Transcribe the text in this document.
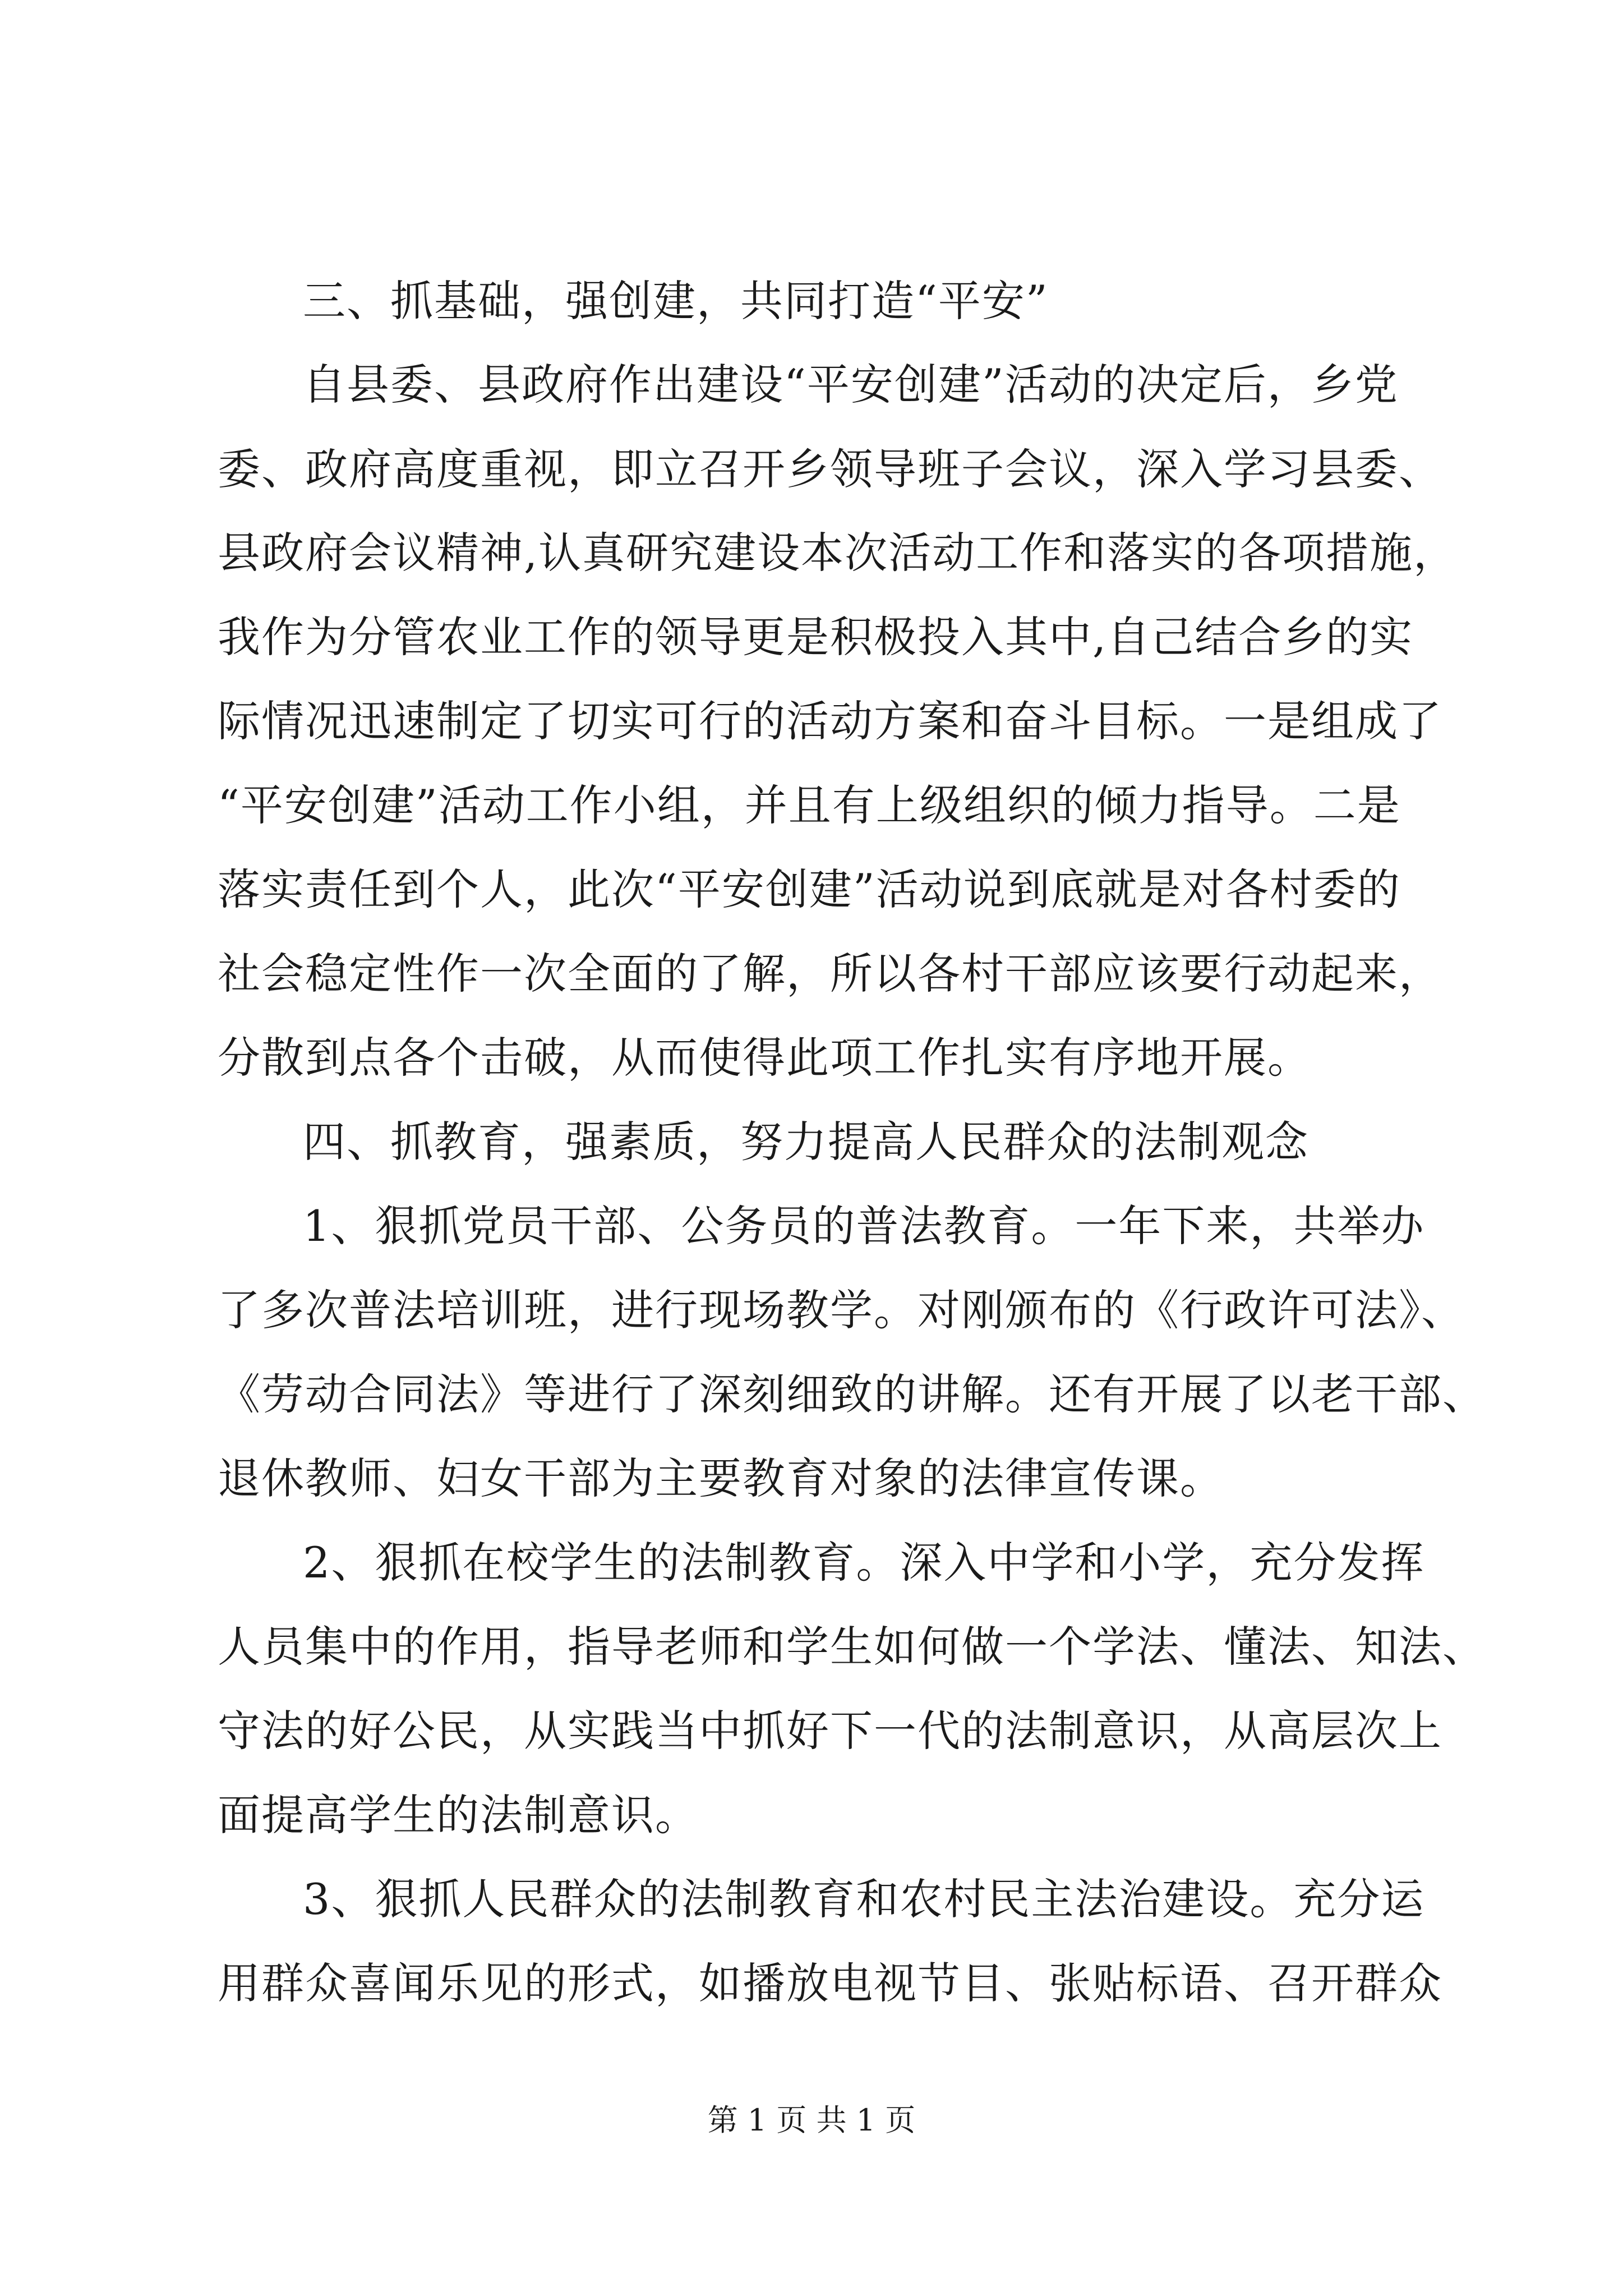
三、抓基础，强创建，共同打造“平安”
自县委、县政府作出建设“平安创建”活动的决定后，乡党
委、政府高度重视，即立召开乡领导班子会议，深入学习县委、
县政府会议精神,认真研究建设本次活动工作和落实的各项措施，
我作为分管农业工作的领导更是积极投入其中,自己结合乡的实
际情况迅速制定了切实可行的活动方案和奋斗目标。一是组成了
“平安创建”活动工作小组，并且有上级组织的倾力指导。二是
落实责任到个人，此次“平安创建”活动说到底就是对各村委的
社会稳定性作一次全面的了解，所以各村干部应该要行动起来，
分散到点各个击破，从而使得此项工作扎实有序地开展。
四、抓教育，强素质，努力提高人民群众的法制观念
1、狠抓党员干部、公务员的普法教育。一年下来，共举办
了多次普法培训班，进行现场教学。对刚颁布的《行政许可法》、
《劳动合同法》等进行了深刻细致的讲解。还有开展了以老干部、
退休教师、妇女干部为主要教育对象的法律宣传课。
2、狠抓在校学生的法制教育。深入中学和小学，充分发挥
人员集中的作用，指导老师和学生如何做一个学法、懂法、知法、
守法的好公民，从实践当中抓好下一代的法制意识，从高层次上
面提高学生的法制意识。
3、狠抓人民群众的法制教育和农村民主法治建设。充分运
用群众喜闻乐见的形式，如播放电视节目、张贴标语、召开群众
第 1 页 共 1 页
